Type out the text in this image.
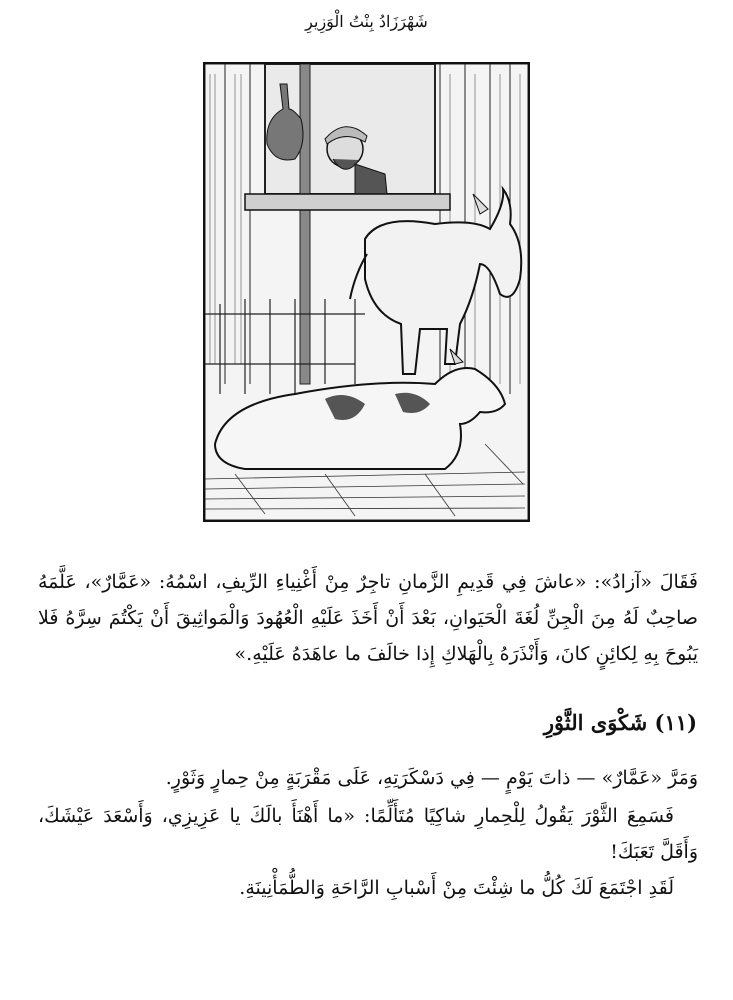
شَهْرَزَادُ بِنْتُ الْوَزِيرِ
فَقَالَ «آزادُ»: «عاشَ فِي قَدِيمِ الزَّمانِ تاجِرٌ مِنْ أَغْنِياءِ الرِّيفِ، اسْمُهُ: «عَمَّارٌ»، عَلَّمَهُ صاحِبٌ لَهُ مِنَ الْجِنِّ لُغَةَ الْحَيَوانِ، بَعْدَ أَنْ أَخَذَ عَلَيْهِ الْعُهُودَ وَالْمَواثِيقَ أَنْ يَكْتُمَ سِرَّهُ فَلا يَبُوحَ بِهِ لِكائِنٍ كانَ، وَأَنْذَرَهُ بِالْهَلاكِ إِذا خالَفَ ما عاهَدَهُ عَلَيْهِ.»
(١١) شَكْوَى الثَّوْرِ
وَمَرَّ «عَمَّارٌ» — ذاتَ يَوْمٍ — فِي دَسْكَرَتِهِ، عَلَى مَقْرَبَةٍ مِنْ حِمارٍ وَثَوْرٍ.
فَسَمِعَ الثَّوْرَ يَقُولُ لِلْحِمارِ شاكِيًا مُتَأَلِّمًا: «ما أَهْنَأَ بالَكَ يا عَزِيزِي، وَأَسْعَدَ عَيْشَكَ، وَأَقَلَّ تَعَبَكَ!
لَقَدِ اجْتَمَعَ لَكَ كُلُّ ما شِئْتَ مِنْ أَسْبابِ الرَّاحَةِ وَالطُّمَأْنِينَةِ.
